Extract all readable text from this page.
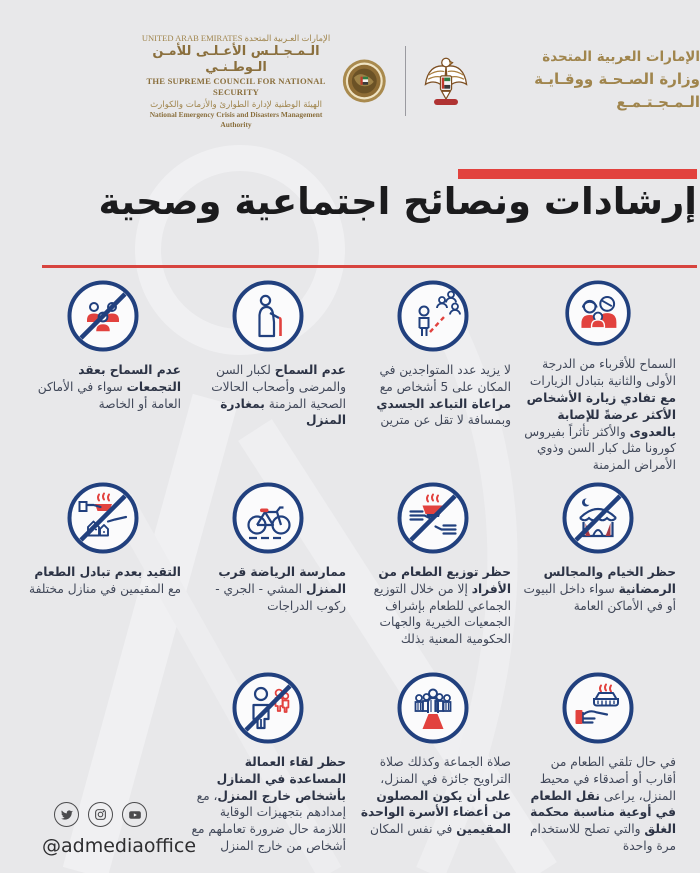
UNITED ARAB EMIRATES الإمارات العـربية المتحدة
الـمـجـلـس الأعـلـى للأمـن الـوطـنـي
THE SUPREME COUNCIL FOR NATIONAL SECURITY
الهيئة الوطنية لإدارة الطوارئ والأزمات والكوارث
National Emergency Crisis and Disasters Management Authority
الإمارات العربية المتحدة
وزارة الصـحـة ووقـايـة الـمـجـتـمـع
إرشادات ونصائح اجتماعية وصحية
السماح للأقرباء من الدرجة الأولى والثانية بتبادل الزيارات مع تفادي زيارة الأشخاص الأكثر عرضةً للإصابة بالعدوى والأكثر تأثراً بفيروس كورونا مثل كبار السن وذوي الأمراض المزمنة
لا يزيد عدد المتواجدين في المكان على 5 أشخاص مع مراعاة التباعد الجسدي وبمسافة لا تقل عن مترين
عدم السماح لكبار السن والمرضى وأصحاب الحالات الصحية المزمنة بمغادرة المنزل
عدم السماح بعقد التجمعات سواء في الأماكن العامة أو الخاصة
حظر الخيام والمجالس الرمضانية سواء داخل البيوت أو في الأماكن العامة
حظر توزيع الطعام من الأفراد إلا من خلال التوزيع الجماعي للطعام بإشراف الجمعيات الخيرية والجهات الحكومية المعنية بذلك
ممارسة الرياضة قرب المنزل المشي - الجري - ركوب الدراجات
التقيد بعدم تبادل الطعام مع المقيمين في منازل مختلفة
في حال تلقي الطعام من أقارب أو أصدقاء في محيط المنزل، يراعى نقل الطعام في أوعية مناسبة محكمة الغلق والتي تصلح للاستخدام مرة واحدة
صلاة الجماعة وكذلك صلاة التراويح جائزة في المنزل، على أن يكون المصلون من أعضاء الأسرة الواحدة المقيمين في نفس المكان
حظر لقاء العمالة المساعدة في المنازل بأشخاص خارج المنزل، مع إمدادهم بتجهيزات الوقاية اللازمة حال ضرورة تعاملهم مع أشخاص من خارج المنزل
@admediaoffice
